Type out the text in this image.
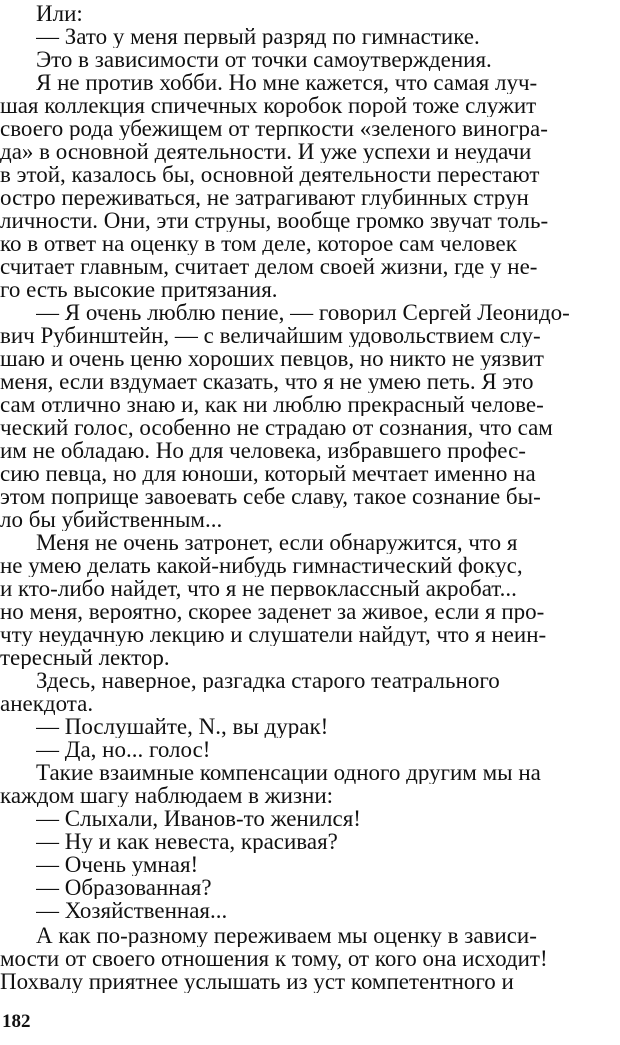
Или:
— Зато у меня первый разряд по гимнастике.
Это в зависимости от точки самоутверждения.
Я не против хобби. Но мне кажется, что самая луч-
шая коллекция спичечных коробок порой тоже служит
своего рода убежищем от терпкости «зеленого виногра-
да» в основной деятельности. И уже успехи и неудачи
в этой, казалось бы, основной деятельности перестают
остро переживаться, не затрагивают глубинных струн
личности. Они, эти струны, вообще громко звучат толь-
ко в ответ на оценку в том деле, которое сам человек
считает главным, считает делом своей жизни, где у не-
го есть высокие притязания.
— Я очень люблю пение, — говорил Сергей Леонидо-
вич Рубинштейн, — с величайшим удовольствием слу-
шаю и очень ценю хороших певцов, но никто не уязвит
меня, если вздумает сказать, что я не умею петь. Я это
сам отлично знаю и, как ни люблю прекрасный челове-
ческий голос, особенно не страдаю от сознания, что сам
им не обладаю. Но для человека, избравшего профес-
сию певца, но для юноши, который мечтает именно на
этом поприще завоевать себе славу, такое сознание бы-
ло бы убийственным...
Меня не очень затронет, если обнаружится, что я
не умею делать какой-нибудь гимнастический фокус,
и кто-либо найдет, что я не первоклассный акробат...
но меня, вероятно, скорее заденет за живое, если я про-
чту неудачную лекцию и слушатели найдут, что я неин-
тересный лектор.
Здесь, наверное, разгадка старого театрального
анекдота.
— Послушайте, N., вы дурак!
— Да, но... голос!
Такие взаимные компенсации одного другим мы на
каждом шагу наблюдаем в жизни:
— Слыхали, Иванов-то женился!
— Ну и как невеста, красивая?
— Очень умная!
— Образованная?
— Хозяйственная...
А как по-разному переживаем мы оценку в зависи-
мости от своего отношения к тому, от кого она исходит!
Похвалу приятнее услышать из уст компетентного и
182
